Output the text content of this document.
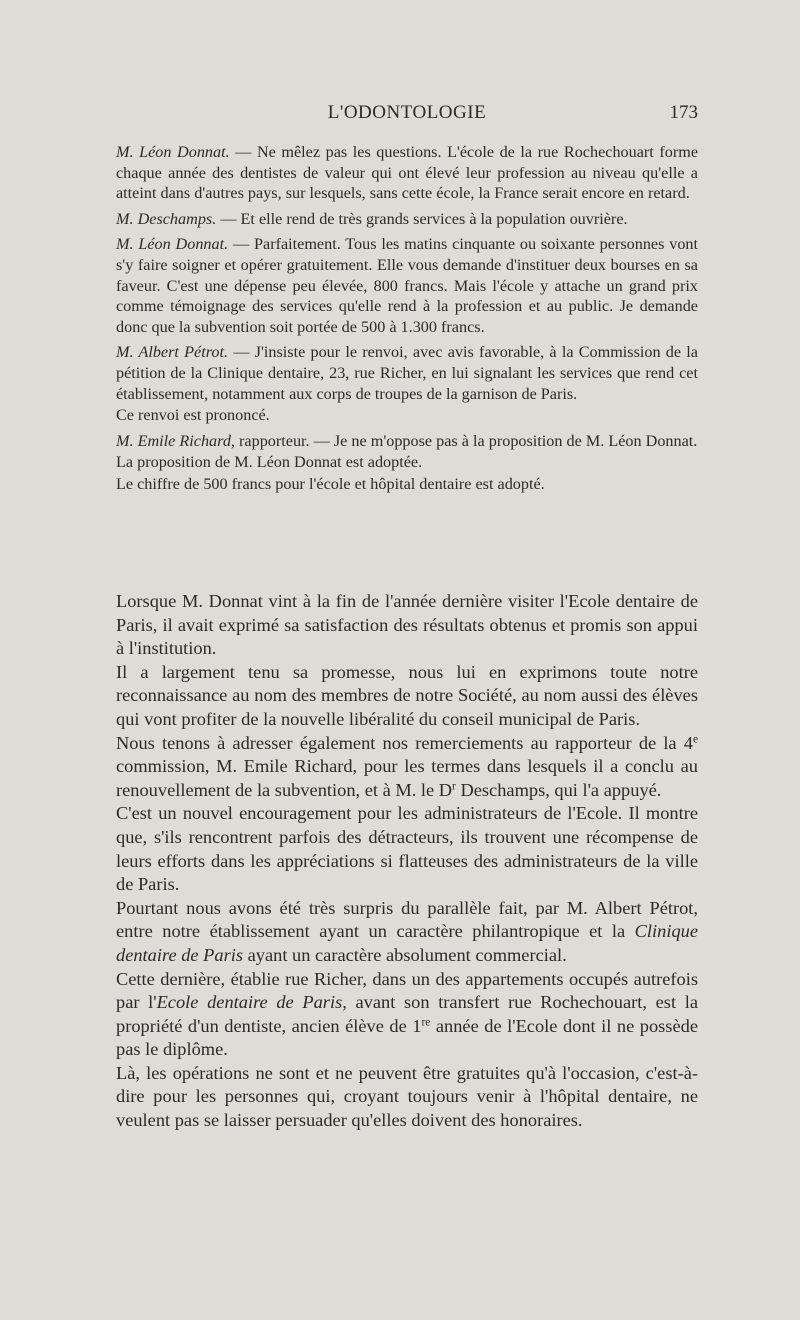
L'ODONTOLOGIE	173

M. Léon Donnat. — Ne mêlez pas les questions. L'école de la rue Rochechouart forme chaque année des dentistes de valeur qui ont élevé leur profession au niveau qu'elle a atteint dans d'autres pays, sur lesquels, sans cette école, la France serait encore en retard.

M. Deschamps. — Et elle rend de très grands services à la population ouvrière.

M. Léon Donnat. — Parfaitement. Tous les matins cinquante ou soixante personnes vont s'y faire soigner et opérer gratuitement. Elle vous demande d'instituer deux bourses en sa faveur. C'est une dépense peu élevée, 800 francs. Mais l'école y attache un grand prix comme témoignage des services qu'elle rend à la profession et au public. Je demande donc que la subvention soit portée de 500 à 1.300 francs.

M. Albert Pétrot. — J'insiste pour le renvoi, avec avis favorable, à la Commission de la pétition de la Clinique dentaire, 23, rue Richer, en lui signalant les services que rend cet établissement, notamment aux corps de troupes de la garnison de Paris.

Ce renvoi est prononcé.

M. Emile Richard, rapporteur. — Je ne m'oppose pas à la proposition de M. Léon Donnat.

La proposition de M. Léon Donnat est adoptée.

Le chiffre de 500 francs pour l'école et hôpital dentaire est adopté.

Lorsque M. Donnat vint à la fin de l'année dernière visiter l'Ecole dentaire de Paris, il avait exprimé sa satisfaction des résultats obtenus et promis son appui à l'institution.

Il a largement tenu sa promesse, nous lui en exprimons toute notre reconnaissance au nom des membres de notre Société, au nom aussi des élèves qui vont profiter de la nouvelle libéralité du conseil municipal de Paris.

Nous tenons à adresser également nos remerciements au rapporteur de la 4e commission, M. Emile Richard, pour les termes dans lesquels il a conclu au renouvellement de la subvention, et à M. le $D^r$ Deschamps, qui l'a appuyé.

C'est un nouvel encouragement pour les administrateurs de l'Ecole. Il montre que, s'ils rencontrent parfois des détracteurs, ils trouvent une récompense de leurs efforts dans les appréciations si flatteuses des administrateurs de la ville de Paris.

Pourtant nous avons été très surpris du parallèle fait, par M. Albert Pétrot, entre notre établissement ayant un caractère philantropique et la Clinique dentaire de Paris ayant un caractère absolument commercial.

Cette dernière, établie rue Richer, dans un des appartements occupés autrefois par l'Ecole dentaire de Paris, avant son transfert rue Rochechouart, est la propriété d'un dentiste, ancien élève de 1re année de l'Ecole dont il ne possède pas le diplôme.

Là, les opérations ne sont et ne peuvent être gratuites qu'à l'occasion, c'est-à-dire pour les personnes qui, croyant toujours venir à l'hôpital dentaire, ne veulent pas se laisser persuader qu'elles doivent des honoraires.
